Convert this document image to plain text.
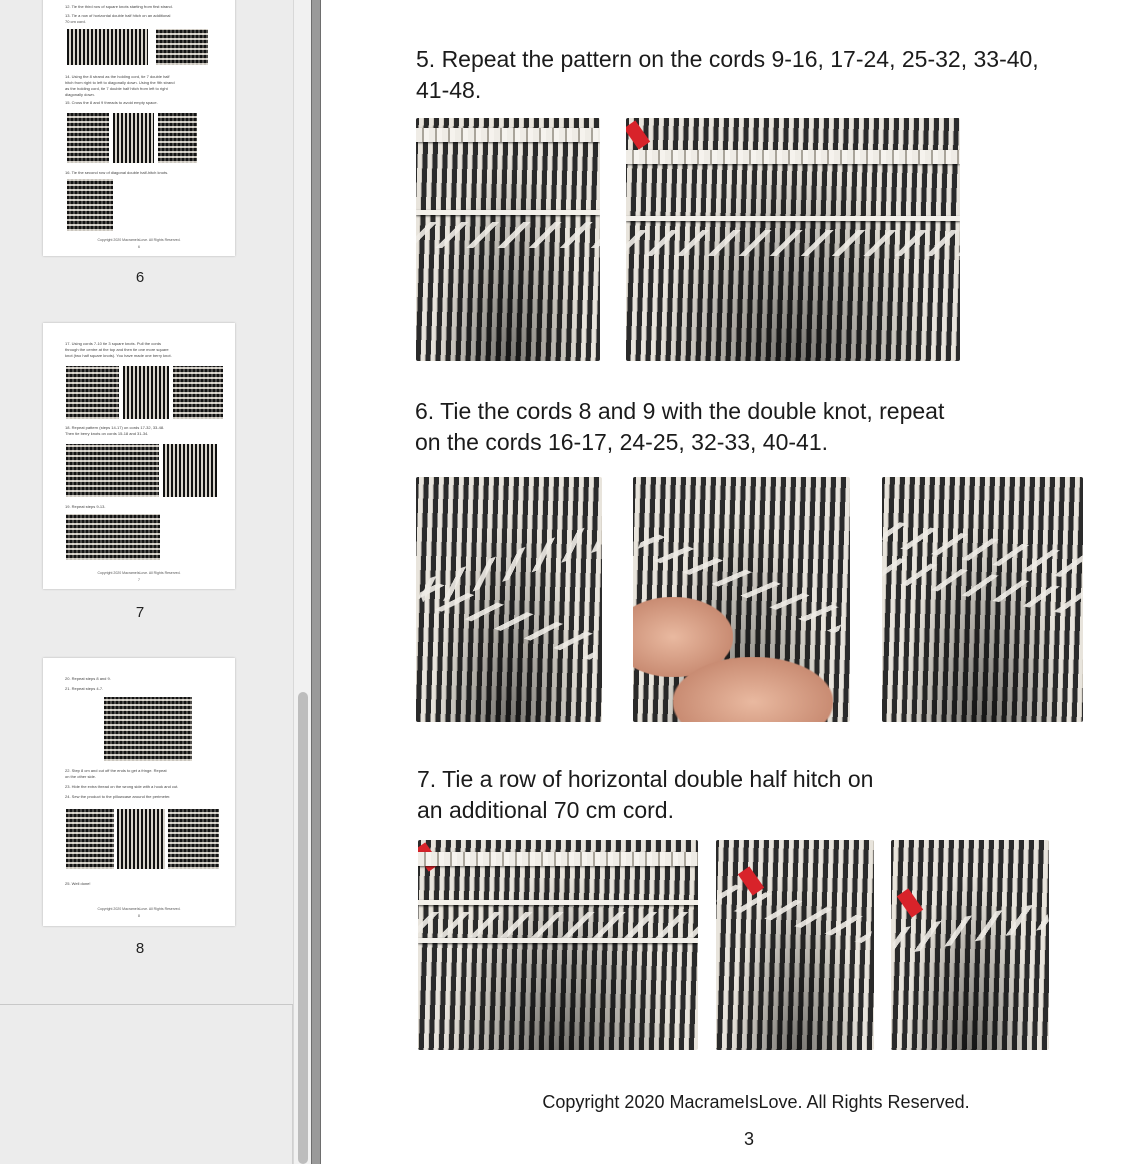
12. Tie the third row of square knots starting from first strand.
13. Tie a row of horizontal double half hitch on an additional
70 cm cord.
14. Using the 8 strand as the holding cord, tie 7 double half
hitch from right to left to diagonally down. Using the 9th strand
as the holding cord, tie 7 double half hitch from left to right
diagonally down.
15. Cross the 8 and 9 threads to avoid empty space.
16. Tie the second row of diagonal double half-hitch knots.
Copyright 2020 MacrameIsLove. All Rights Reserved.
6
6
17. Using cords 7-10 tie 3 square knots. Pull the cords
through the centre at the top and then tie one more square
knot (two half square knots). You have made one berry knot.
18. Repeat pattern (steps 14-17) on cords 17-32, 33-48.
Then tie berry knots on cords 15-18 and 31-34.
19. Repeat steps 9-13.
Copyright 2020 MacrameIsLove. All Rights Reserved.
7
7
20. Repeat steps 8 and 9.
21. Repeat steps 4-7.
22. Step 8 cm and cut off the ends to get a fringe. Repeat
on the other side.
23. Hide the extra thread on the wrong side with a hook and cut.
24. Sew the product to the pillowcase around the perimeter.
25. Well done!
Copyright 2020 MacrameIsLove. All Rights Reserved.
8
8
5. Repeat the pattern on the cords 9-16, 17-24, 25-32, 33-40,
41-48.
6. Tie the cords 8 and 9 with the double knot, repeat
on the cords 16-17, 24-25, 32-33, 40-41.
7. Tie a row of horizontal double half hitch on
an additional 70 cm cord.
Copyright 2020 MacrameIsLove. All Rights Reserved.
3
